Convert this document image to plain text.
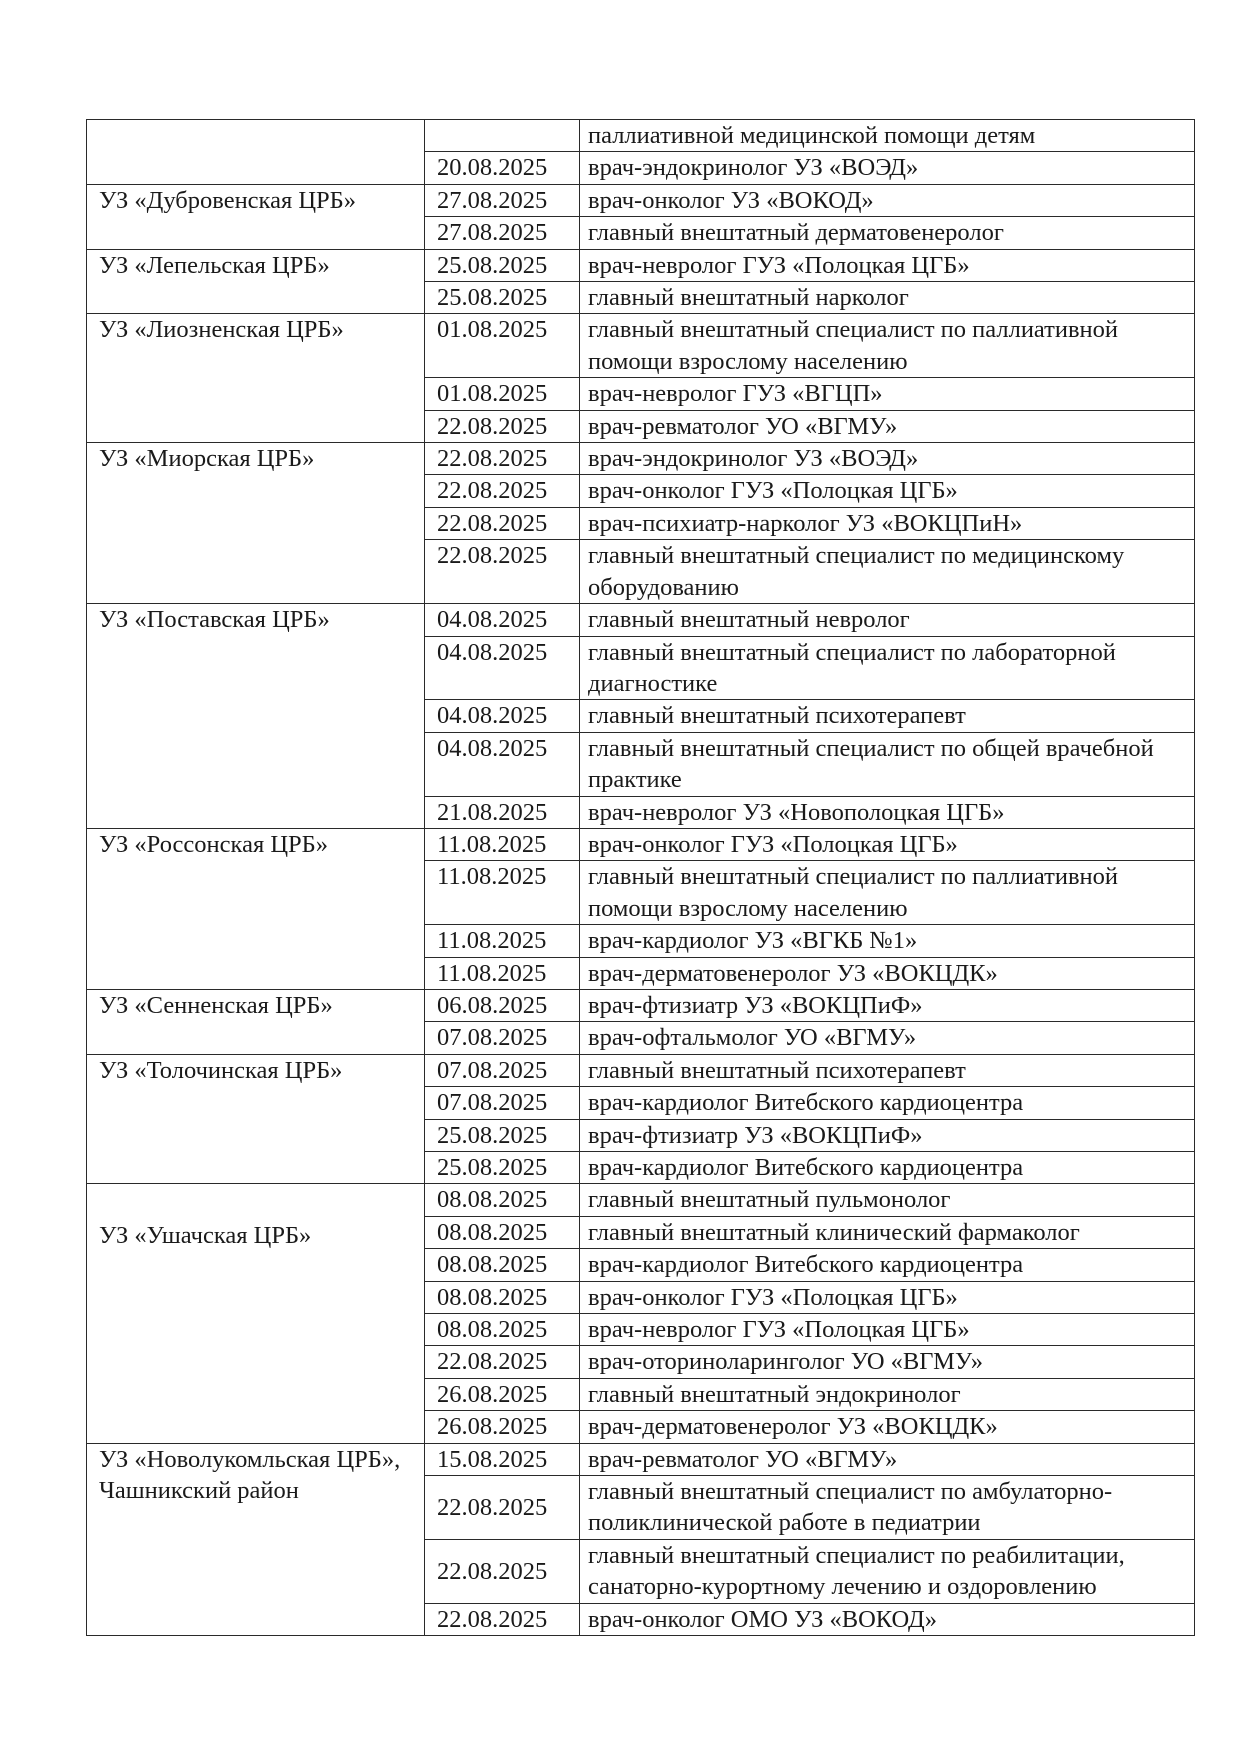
		паллиативной медицинской помощи детям
	20.08.2025	врач-эндокринолог УЗ «ВОЭД»
УЗ «Дубровенская ЦРБ»	27.08.2025	врач-онколог УЗ «ВОКОД»
	27.08.2025	главный внештатный дерматовенеролог
УЗ «Лепельская ЦРБ»	25.08.2025	врач-невролог ГУЗ «Полоцкая ЦГБ»
	25.08.2025	главный внештатный нарколог
УЗ «Лиозненская ЦРБ»	01.08.2025	главный внештатный специалист по паллиативной помощи взрослому населению
	01.08.2025	врач-невролог ГУЗ «ВГЦП»
	22.08.2025	врач-ревматолог УО «ВГМУ»
УЗ «Миорская ЦРБ»	22.08.2025	врач-эндокринолог УЗ «ВОЭД»
	22.08.2025	врач-онколог ГУЗ «Полоцкая ЦГБ»
	22.08.2025	врач-психиатр-нарколог УЗ «ВОКЦПиН»
	22.08.2025	главный внештатный специалист по медицинскому оборудованию
УЗ «Поставская ЦРБ»	04.08.2025	главный внештатный невролог
	04.08.2025	главный внештатный специалист по лабораторной диагностике
	04.08.2025	главный внештатный психотерапевт
	04.08.2025	главный внештатный специалист по общей врачебной практике
	21.08.2025	врач-невролог УЗ «Новополоцкая ЦГБ»
УЗ «Россонская ЦРБ»	11.08.2025	врач-онколог ГУЗ «Полоцкая ЦГБ»
	11.08.2025	главный внештатный специалист по паллиативной помощи взрослому населению
	11.08.2025	врач-кардиолог УЗ «ВГКБ №1»
	11.08.2025	врач-дерматовенеролог УЗ «ВОКЦДК»
УЗ «Сенненская ЦРБ»	06.08.2025	врач-фтизиатр УЗ «ВОКЦПиФ»
	07.08.2025	врач-офтальмолог УО «ВГМУ»
УЗ «Толочинская ЦРБ»	07.08.2025	главный внештатный психотерапевт
	07.08.2025	врач-кардиолог Витебского кардиоцентра
	25.08.2025	врач-фтизиатр УЗ «ВОКЦПиФ»
	25.08.2025	врач-кардиолог Витебского кардиоцентра
УЗ «Ушачская ЦРБ»	08.08.2025	главный внештатный пульмонолог
	08.08.2025	главный внештатный клинический фармаколог
	08.08.2025	врач-кардиолог Витебского кардиоцентра
	08.08.2025	врач-онколог ГУЗ «Полоцкая ЦГБ»
	08.08.2025	врач-невролог ГУЗ «Полоцкая ЦГБ»
	22.08.2025	врач-оториноларинголог УО «ВГМУ»
	26.08.2025	главный внештатный эндокринолог
	26.08.2025	врач-дерматовенеролог УЗ «ВОКЦДК»
УЗ «Новолукомльская ЦРБ», Чашникский район	15.08.2025	врач-ревматолог УО «ВГМУ»
	22.08.2025	главный внештатный специалист по амбулаторно-поликлинической работе в педиатрии
	22.08.2025	главный внештатный специалист по реабилитации, санаторно-курортному лечению и оздоровлению
	22.08.2025	врач-онколог ОМО УЗ «ВОКОД»
